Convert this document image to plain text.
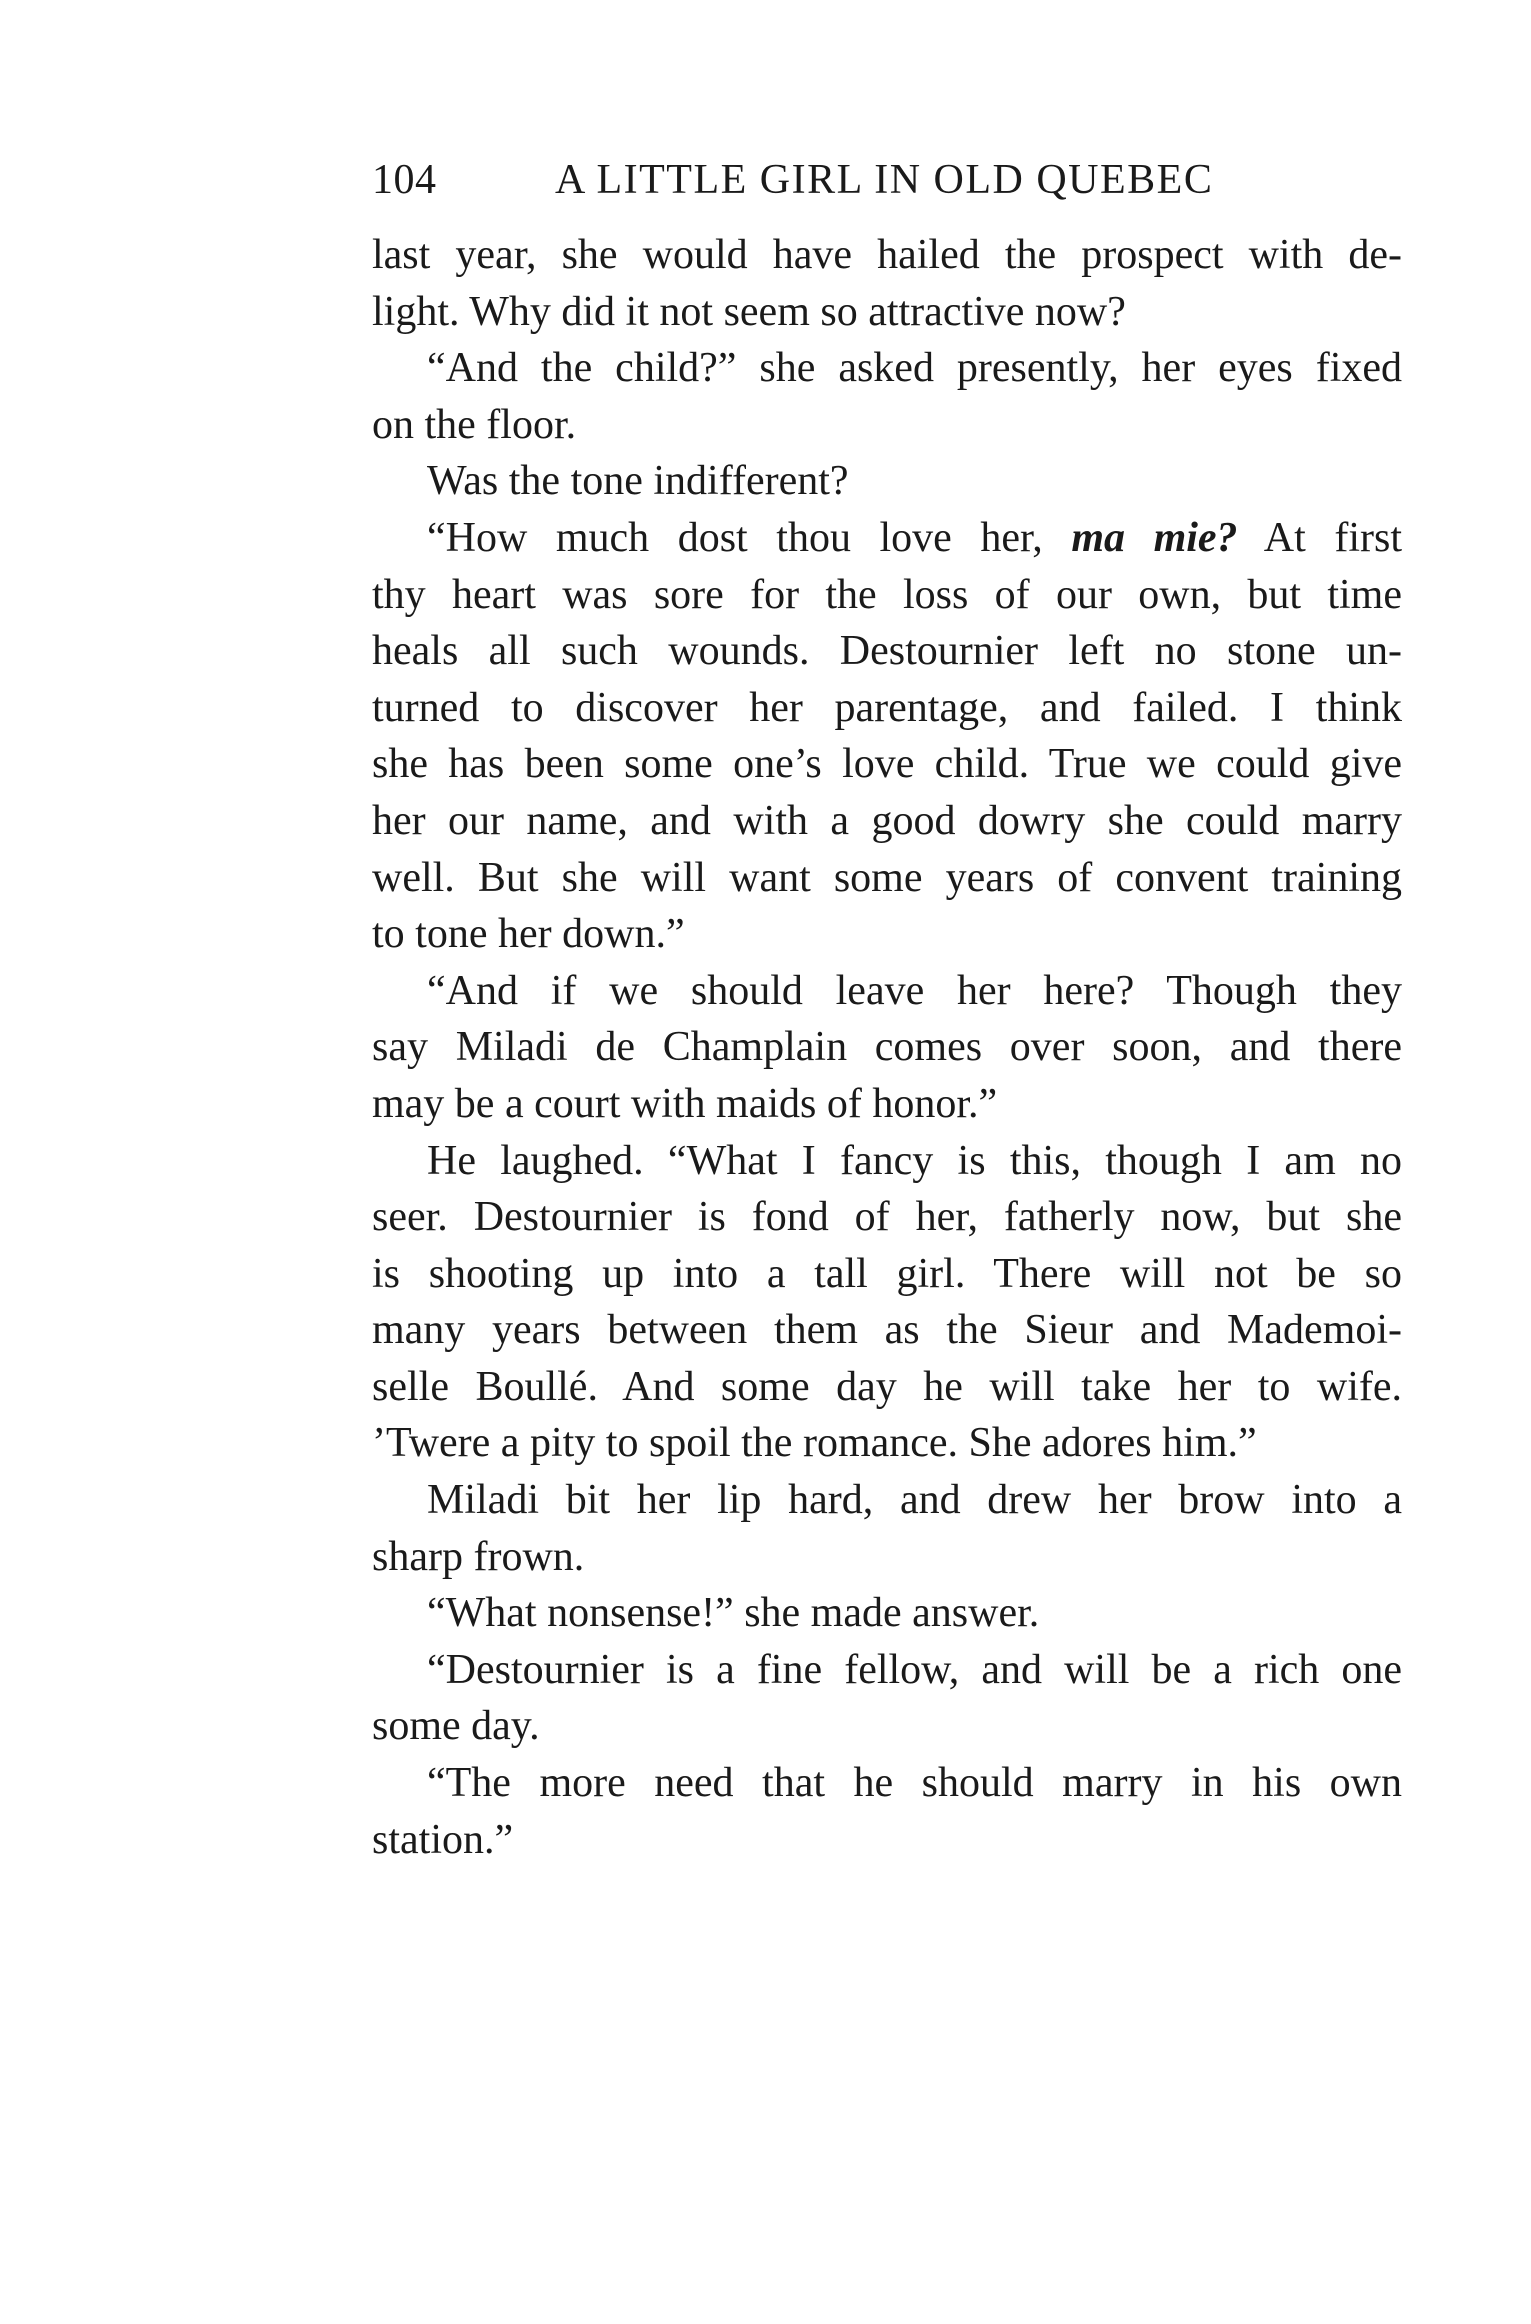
104	A LITTLE GIRL IN OLD QUEBEC
last year, she would have hailed the prospect with de-
light. Why did it not seem so attractive now?
“And the child?” she asked presently, her eyes fixed
on the floor.
Was the tone indifferent?
“How much dost thou love her, ma mie? At first
thy heart was sore for the loss of our own, but time
heals all such wounds. Destournier left no stone un-
turned to discover her parentage, and failed. I think
she has been some one’s love child. True we could give
her our name, and with a good dowry she could marry
well. But she will want some years of convent training
to tone her down.”
“And if we should leave her here? Though they
say Miladi de Champlain comes over soon, and there
may be a court with maids of honor.”
He laughed. “What I fancy is this, though I am no
seer. Destournier is fond of her, fatherly now, but she
is shooting up into a tall girl. There will not be so
many years between them as the Sieur and Mademoi-
selle Boullé. And some day he will take her to wife.
’Twere a pity to spoil the romance. She adores him.”
Miladi bit her lip hard, and drew her brow into a
sharp frown.
“What nonsense!” she made answer.
“Destournier is a fine fellow, and will be a rich one
some day.
“The more need that he should marry in his own
station.”
